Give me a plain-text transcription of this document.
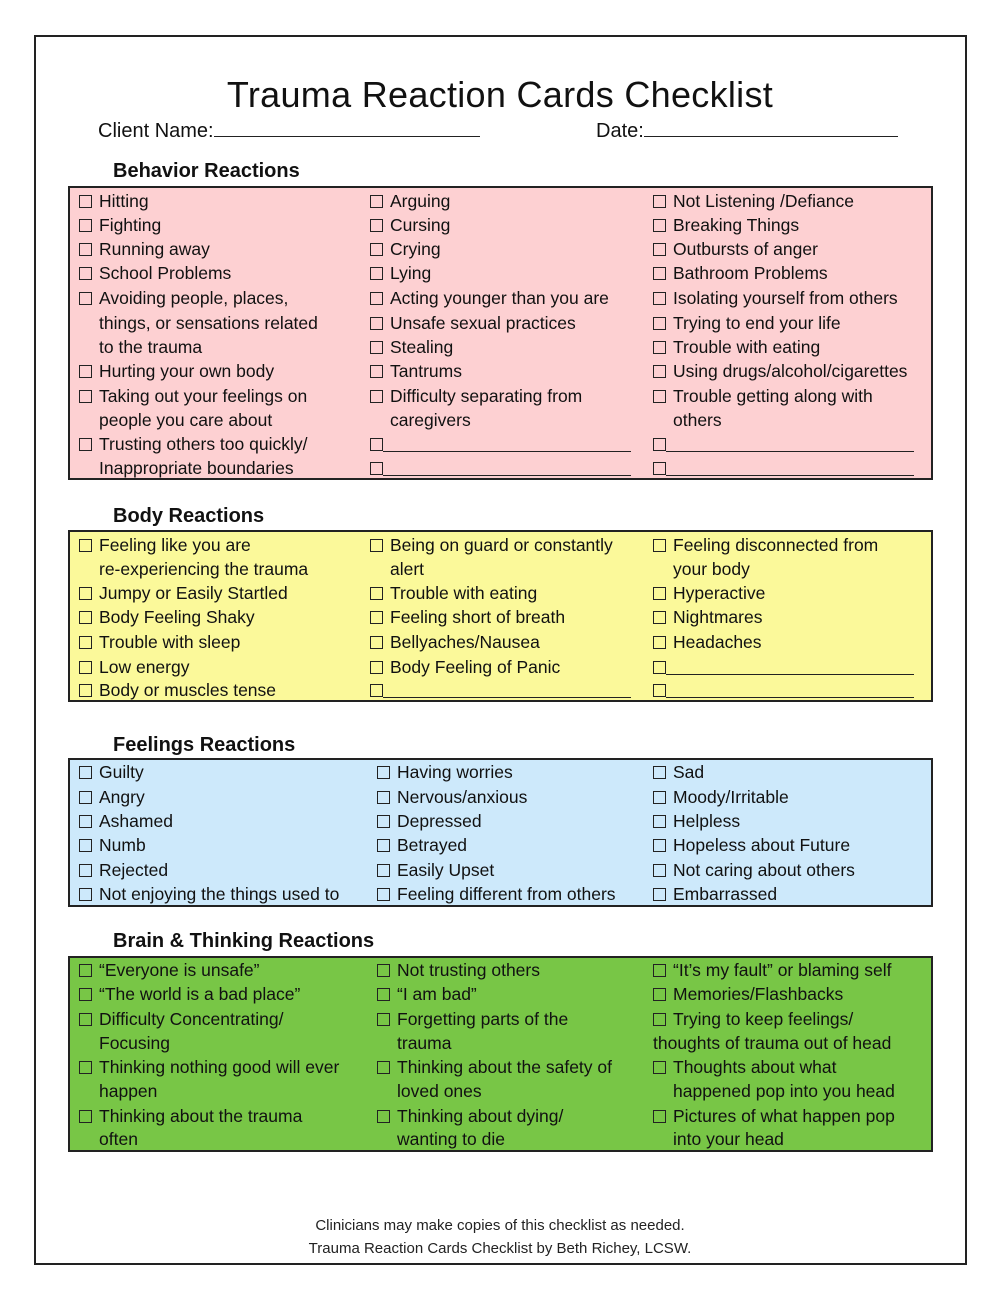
Trauma Reaction Cards Checklist
Client Name:	Date:
Behavior Reactions
Hitting
Fighting
Running away
School Problems
Avoiding people, places,
things, or sensations related
to the trauma
Hurting your own body
Taking out your feelings on
people you care about
Trusting others too quickly/
Inappropriate boundaries
Arguing
Cursing
Crying
Lying
Acting younger than you are
Unsafe sexual practices
Stealing
Tantrums
Difficulty separating from
caregivers
Not Listening /Defiance
Breaking Things
Outbursts of anger
Bathroom Problems
Isolating yourself from others
Trying to end your life
Trouble with eating
Using drugs/alcohol/cigarettes
Trouble getting along with
others
Body Reactions
Feeling like you are
re-experiencing the trauma
Jumpy or Easily Startled
Body Feeling Shaky
Trouble with sleep
Low energy
Body or muscles tense
Being on guard or constantly
alert
Trouble with eating
Feeling short of breath
Bellyaches/Nausea
Body Feeling of Panic
Feeling disconnected from
your body
Hyperactive
Nightmares
Headaches
Feelings Reactions
Guilty
Angry
Ashamed
Numb
Rejected
Not enjoying the things used to
Having worries
Nervous/anxious
Depressed
Betrayed
Easily Upset
Feeling different from others
Sad
Moody/Irritable
Helpless
Hopeless about Future
Not caring about others
Embarrassed
Brain & Thinking Reactions
“Everyone is unsafe”
“The world is a bad place”
Difficulty Concentrating/
Focusing
Thinking nothing good will ever
happen
Thinking about the trauma
often
Not trusting others
“I am bad”
Forgetting parts of the
trauma
Thinking about the safety of
loved ones
Thinking about dying/
wanting to die
“It’s my fault” or blaming self
Memories/Flashbacks
Trying to keep feelings/
thoughts of trauma out of head
Thoughts about what
happened pop into you head
Pictures of what happen pop
into your head
Clinicians may make copies of this checklist as needed.
Trauma Reaction Cards Checklist by Beth Richey, LCSW.
